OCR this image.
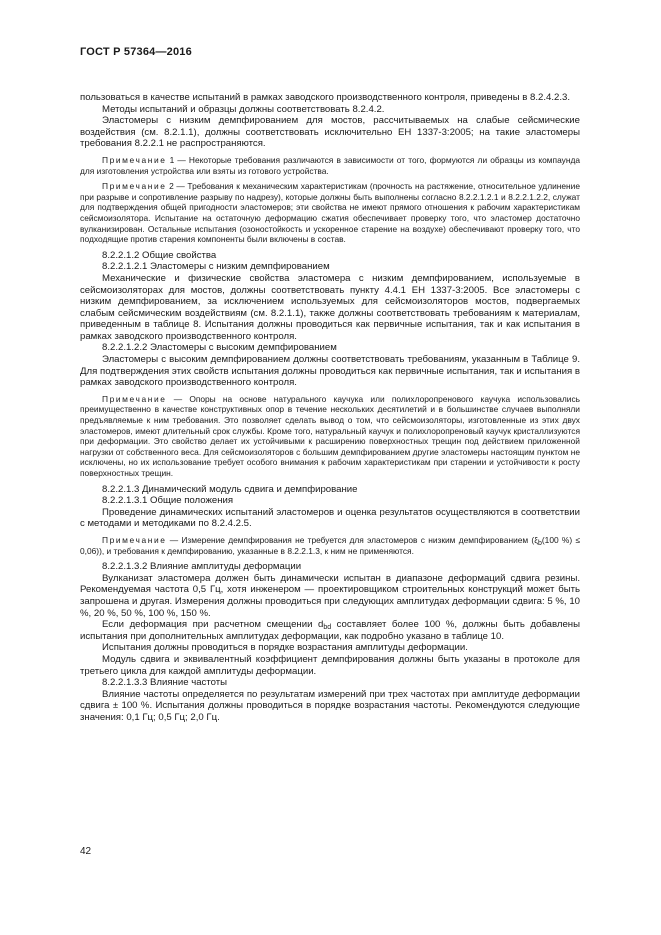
ГОСТ Р 57364—2016

пользоваться в качестве испытаний в рамках заводского производственного контроля, приведены в 8.2.4.2.3.

Методы испытаний и образцы должны соответствовать 8.2.4.2.

Эластомеры с низким демпфированием для мостов, рассчитываемых на слабые сейсмические воздействия (см. 8.2.1.1), должны соответствовать исключительно ЕН 1337-3:2005; на такие эластомеры требования 8.2.2.1 не распространяются.

Примечание 1 — Некоторые требования различаются в зависимости от того, формуются ли образцы из компаунда для изготовления устройства или взяты из готового устройства.

Примечание 2 — Требования к механическим характеристикам (прочность на растяжение, относительное удлинение при разрыве и сопротивление разрыву по надрезу), которые должны быть выполнены согласно 8.2.2.1.2.1 и 8.2.2.1.2.2, служат для подтверждения общей пригодности эластомеров; эти свойства не имеют прямого отношения к рабочим характеристикам сейсмоизолятора. Испытание на остаточную деформацию сжатия обеспечивает проверку того, что эластомер достаточно вулканизирован. Остальные испытания (озоностойкость и ускоренное старение на воздухе) обеспечивают проверку того, что подходящие против старения компоненты были включены в состав.

8.2.2.1.2 Общие свойства

8.2.2.1.2.1 Эластомеры с низким демпфированием

Механические и физические свойства эластомера с низким демпфированием, используемые в сейсмоизоляторах для мостов, должны соответствовать пункту 4.4.1 ЕН 1337-3:2005. Все эластомеры с низким демпфированием, за исключением используемых для сейсмоизоляторов мостов, подвергаемых слабым сейсмическим воздействиям (см. 8.2.1.1), также должны соответствовать требованиям к материалам, приведенным в таблице 8. Испытания должны проводиться как первичные испытания, так и как испытания в рамках заводского производственного контроля.

8.2.2.1.2.2 Эластомеры с высоким демпфированием

Эластомеры с высоким демпфированием должны соответствовать требованиям, указанным в Таблице 9. Для подтверждения этих свойств испытания должны проводиться как первичные испытания, так и испытания в рамках заводского производственного контроля.

Примечание — Опоры на основе натурального каучука или полихлоропренового каучука использовались преимущественно в качестве конструктивных опор в течение нескольких десятилетий и в большинстве случаев выполняли предъявляемые к ним требования. Это позволяет сделать вывод о том, что сейсмоизоляторы, изготовленные из этих двух эластомеров, имеют длительный срок службы. Кроме того, натуральный каучук и полихлоропреновый каучук кристаллизуются при деформации. Это свойство делает их устойчивыми к расширению поверхностных трещин под действием приложенной нагрузки от собственного веса. Для сейсмоизоляторов с большим демпфированием другие эластомеры настоящим пунктом не исключены, но их использование требует особого внимания к рабочим характеристикам при старении и устойчивости к росту поверхностных трещин.

8.2.2.1.3 Динамический модуль сдвига и демпфирование

8.2.2.1.3.1 Общие положения

Проведение динамических испытаний эластомеров и оценка результатов осуществляются в соответствии с методами и методиками по 8.2.4.2.5.

Примечание — Измерение демпфирования не требуется для эластомеров с низким демпфированием ($\xi_b(100$ %) ≤ 0,06)), и требования к демпфированию, указанные в 8.2.2.1.3, к ним не применяются.

8.2.2.1.3.2 Влияние амплитуды деформации

Вулканизат эластомера должен быть динамически испытан в диапазоне деформаций сдвига резины. Рекомендуемая частота 0,5 Гц, хотя инженером — проектировщиком строительных конструкций может быть запрошена и другая. Измерения должны проводиться при следующих амплитудах деформации сдвига: 5 %, 10 %, 20 %, 50 %, 100 %, 150 %.

Если деформация при расчетном смещении $d_{bd}$ составляет более 100 %, должны быть добавлены испытания при дополнительных амплитудах деформации, как подробно указано в таблице 10.

Испытания должны проводиться в порядке возрастания амплитуды деформации.

Модуль сдвига и эквивалентный коэффициент демпфирования должны быть указаны в протоколе для третьего цикла для каждой амплитуды деформации.

8.2.2.1.3.3 Влияние частоты

Влияние частоты определяется по результатам измерений при трех частотах при амплитуде деформации сдвига ± 100 %. Испытания должны проводиться в порядке возрастания частоты. Рекомендуются следующие значения: 0,1 Гц; 0,5 Гц; 2,0 Гц.

42
